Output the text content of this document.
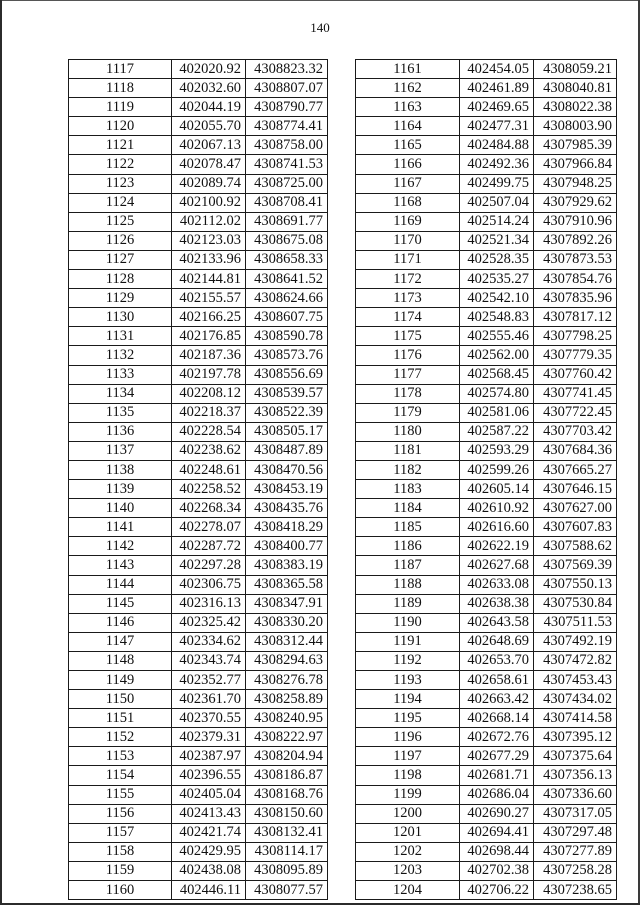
140
1117	402020.92	4308823.32
1118	402032.60	4308807.07
1119	402044.19	4308790.77
1120	402055.70	4308774.41
1121	402067.13	4308758.00
1122	402078.47	4308741.53
1123	402089.74	4308725.00
1124	402100.92	4308708.41
1125	402112.02	4308691.77
1126	402123.03	4308675.08
1127	402133.96	4308658.33
1128	402144.81	4308641.52
1129	402155.57	4308624.66
1130	402166.25	4308607.75
1131	402176.85	4308590.78
1132	402187.36	4308573.76
1133	402197.78	4308556.69
1134	402208.12	4308539.57
1135	402218.37	4308522.39
1136	402228.54	4308505.17
1137	402238.62	4308487.89
1138	402248.61	4308470.56
1139	402258.52	4308453.19
1140	402268.34	4308435.76
1141	402278.07	4308418.29
1142	402287.72	4308400.77
1143	402297.28	4308383.19
1144	402306.75	4308365.58
1145	402316.13	4308347.91
1146	402325.42	4308330.20
1147	402334.62	4308312.44
1148	402343.74	4308294.63
1149	402352.77	4308276.78
1150	402361.70	4308258.89
1151	402370.55	4308240.95
1152	402379.31	4308222.97
1153	402387.97	4308204.94
1154	402396.55	4308186.87
1155	402405.04	4308168.76
1156	402413.43	4308150.60
1157	402421.74	4308132.41
1158	402429.95	4308114.17
1159	402438.08	4308095.89
1160	402446.11	4308077.57
1161	402454.05	4308059.21
1162	402461.89	4308040.81
1163	402469.65	4308022.38
1164	402477.31	4308003.90
1165	402484.88	4307985.39
1166	402492.36	4307966.84
1167	402499.75	4307948.25
1168	402507.04	4307929.62
1169	402514.24	4307910.96
1170	402521.34	4307892.26
1171	402528.35	4307873.53
1172	402535.27	4307854.76
1173	402542.10	4307835.96
1174	402548.83	4307817.12
1175	402555.46	4307798.25
1176	402562.00	4307779.35
1177	402568.45	4307760.42
1178	402574.80	4307741.45
1179	402581.06	4307722.45
1180	402587.22	4307703.42
1181	402593.29	4307684.36
1182	402599.26	4307665.27
1183	402605.14	4307646.15
1184	402610.92	4307627.00
1185	402616.60	4307607.83
1186	402622.19	4307588.62
1187	402627.68	4307569.39
1188	402633.08	4307550.13
1189	402638.38	4307530.84
1190	402643.58	4307511.53
1191	402648.69	4307492.19
1192	402653.70	4307472.82
1193	402658.61	4307453.43
1194	402663.42	4307434.02
1195	402668.14	4307414.58
1196	402672.76	4307395.12
1197	402677.29	4307375.64
1198	402681.71	4307356.13
1199	402686.04	4307336.60
1200	402690.27	4307317.05
1201	402694.41	4307297.48
1202	402698.44	4307277.89
1203	402702.38	4307258.28
1204	402706.22	4307238.65
